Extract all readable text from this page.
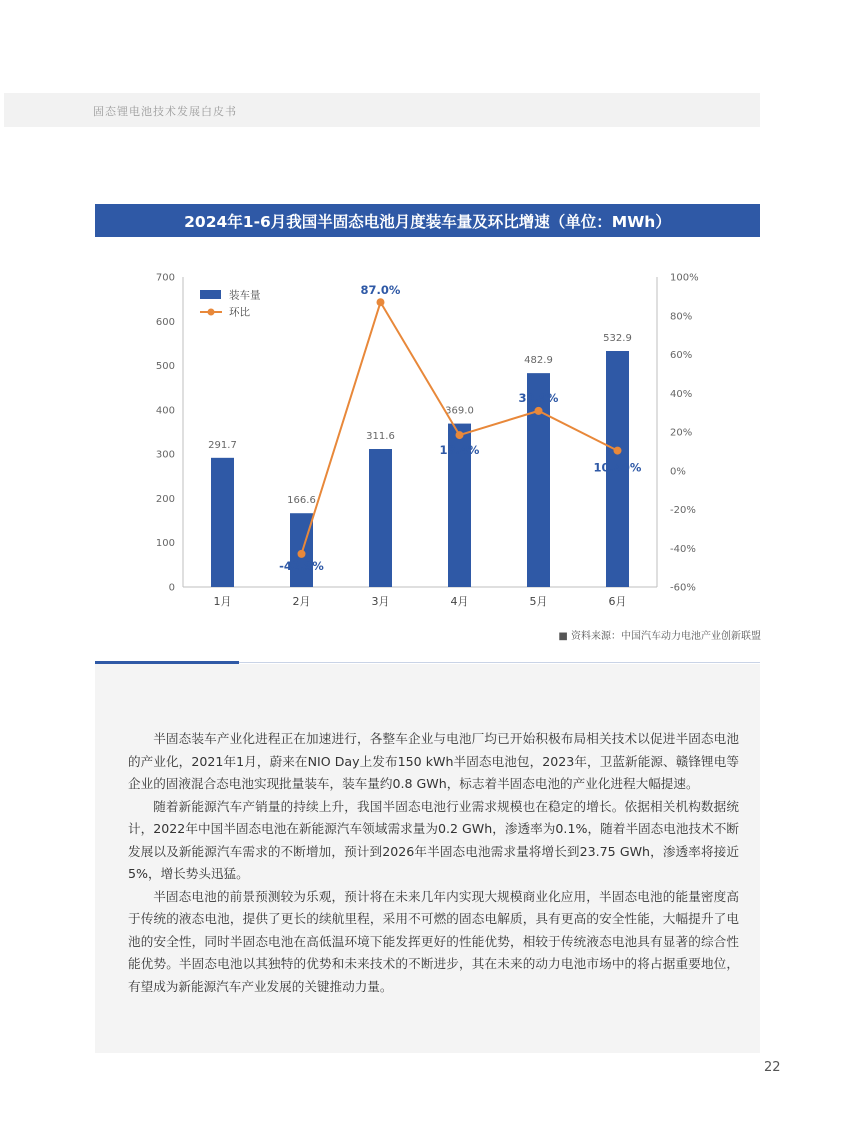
固态锂电池技术发展白皮书
2024年1-6月我国半固态电池月度装车量及环比增速（单位：MWh）
0
100
200
300
400
500
600
700
-60%
-40%
-20%
0%
20%
40%
60%
80%
100%
1月	2月	3月	4月	5月	6月
291.7
166.6
311.6
369.0
482.9
532.9
-42.9%
87.0%
18.4%
30.9%
10.40%
装车量
环比
■ 资料来源：中国汽车动力电池产业创新联盟

半固态装车产业化进程正在加速进行，各整车企业与电池厂均已开始积极布局相关技术以促进半固态电池的产业化，2021年1月，蔚来在NIO Day上发布150 kWh半固态电池包，2023年，卫蓝新能源、赣锋锂电等企业的固液混合态电池实现批量装车，装车量约0.8 GWh，标志着半固态电池的产业化进程大幅提速。

随着新能源汽车产销量的持续上升，我国半固态电池行业需求规模也在稳定的增长。依据相关机构数据统计，2022年中国半固态电池在新能源汽车领域需求量为0.2 GWh，渗透率为0.1%，随着半固态电池技术不断发展以及新能源汽车需求的不断增加，预计到2026年半固态电池需求量将增长到23.75 GWh，渗透率将接近5%，增长势头迅猛。

半固态电池的前景预测较为乐观，预计将在未来几年内实现大规模商业化应用，半固态电池的能量密度高于传统的液态电池，提供了更长的续航里程，采用不可燃的固态电解质，具有更高的安全性能，大幅提升了电池的安全性，同时半固态电池在高低温环境下能发挥更好的性能优势，相较于传统液态电池具有显著的综合性能优势。半固态电池以其独特的优势和未来技术的不断进步，其在未来的动力电池市场中的将占据重要地位，有望成为新能源汽车产业发展的关键推动力量。

22
